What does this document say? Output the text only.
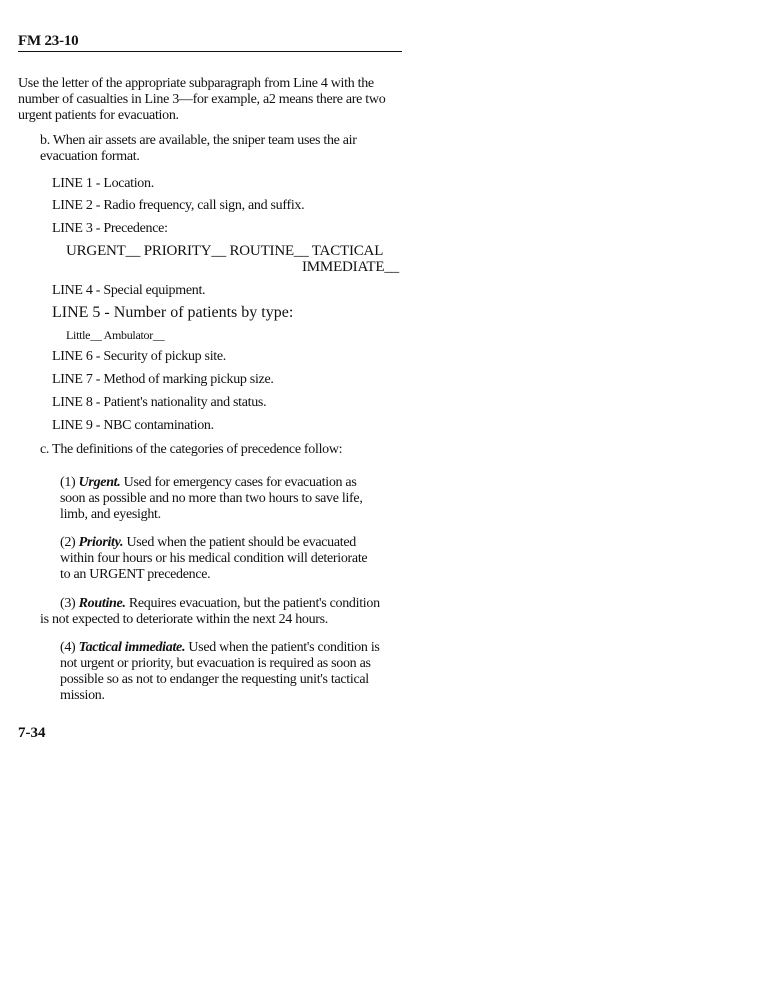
FM 23-10
Use the letter of the appropriate subparagraph from Line 4 with the number of casualties in Line 3—for example, a2 means there are two urgent patients for evacuation.
b. When air assets are available, the sniper team uses the air evacuation format.
LINE 1 - Location.
LINE 2 - Radio frequency, call sign, and suffix.
LINE 3 - Precedence:
URGENT__ PRIORITY__ ROUTINE__ TACTICAL
IMMEDIATE__
LINE 4 - Special equipment.
LINE 5 - Number of patients by type:
Little__ Ambulator__
LINE 6 - Security of pickup site.
LINE 7 - Method of marking pickup size.
LINE 8 - Patient's nationality and status.
LINE 9 - NBC contamination.
c. The definitions of the categories of precedence follow:
(1) Urgent. Used for emergency cases for evacuation as soon as possible and no more than two hours to save life, limb, and eyesight.
(2) Priority. Used when the patient should be evacuated within four hours or his medical condition will deteriorate to an URGENT precedence.
(3) Routine. Requires evacuation, but the patient's condition is not expected to deteriorate within the next 24 hours.
(4) Tactical immediate. Used when the patient's condition is not urgent or priority, but evacuation is required as soon as possible so as not to endanger the requesting unit's tactical mission.
7-34
